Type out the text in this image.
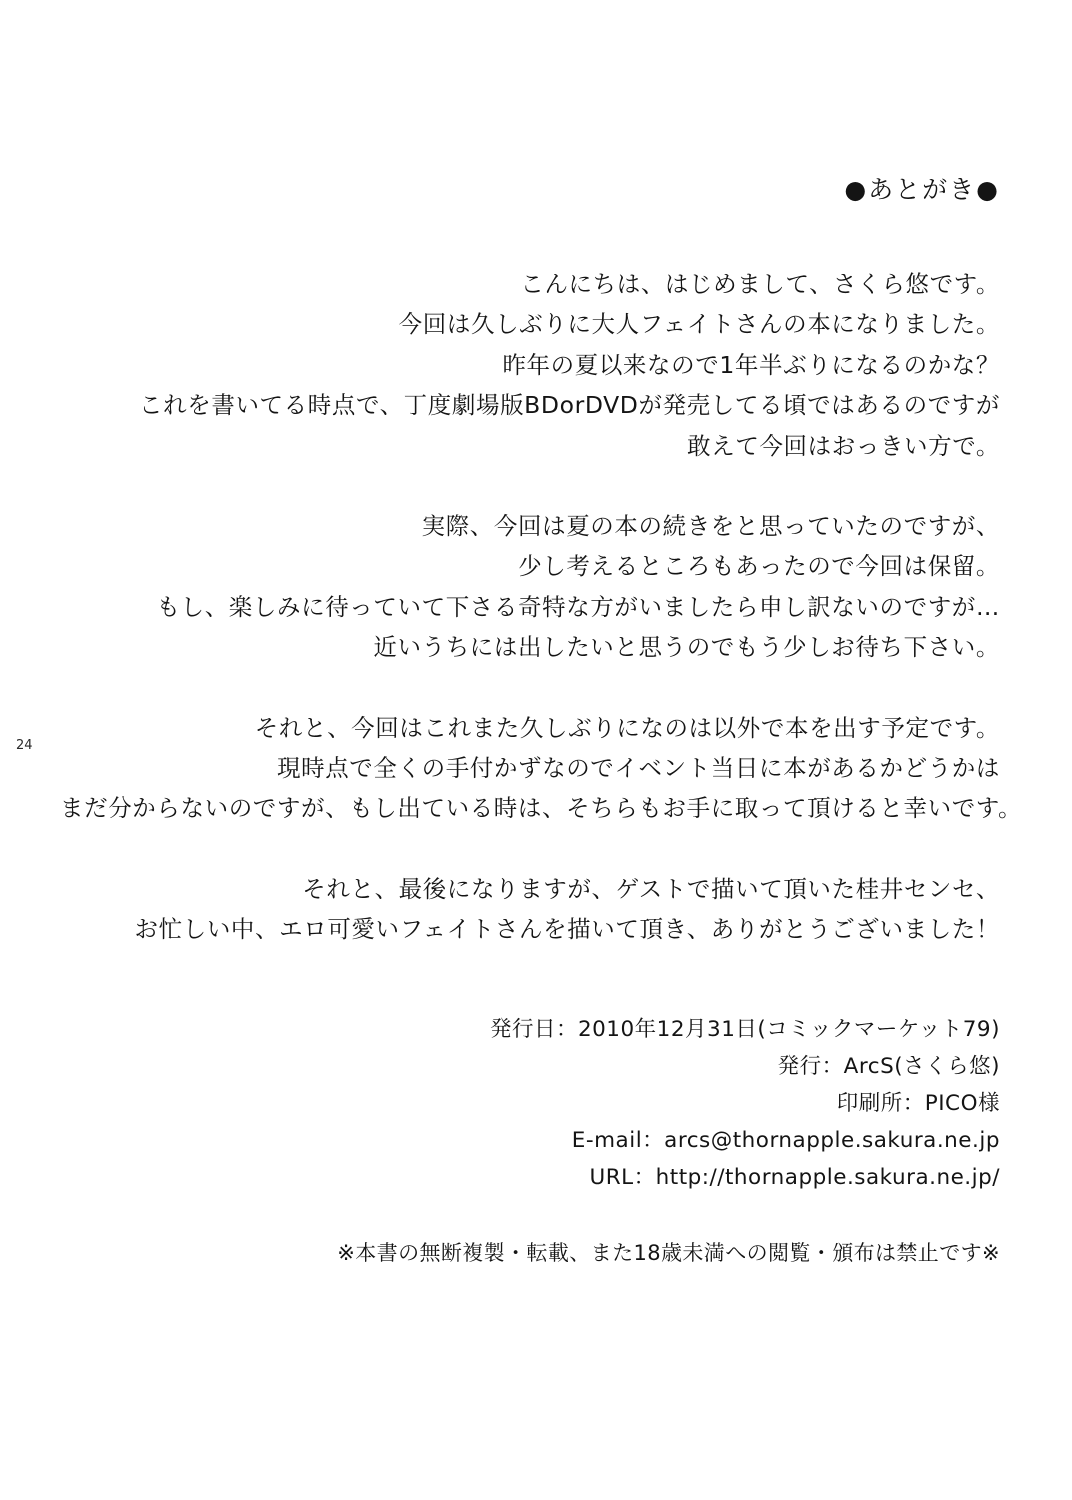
24
●あとがき●
こんにちは、はじめまして、さくら悠です。
今回は久しぶりに大人フェイトさんの本になりました。
昨年の夏以来なので1年半ぶりになるのかな？
これを書いてる時点で、丁度劇場版BDorDVDが発売してる頃ではあるのですが
敢えて今回はおっきい方で。
実際、今回は夏の本の続きをと思っていたのですが、
少し考えるところもあったので今回は保留。
もし、楽しみに待っていて下さる奇特な方がいましたら申し訳ないのですが…
近いうちには出したいと思うのでもう少しお待ち下さい。
それと、今回はこれまた久しぶりになのは以外で本を出す予定です。
現時点で全くの手付かずなのでイベント当日に本があるかどうかは
まだ分からないのですが、もし出ている時は、そちらもお手に取って頂けると幸いです。
それと、最後になりますが、ゲストで描いて頂いた桂井センセ、
お忙しい中、エロ可愛いフェイトさんを描いて頂き、ありがとうございました！
発行日：2010年12月31日(コミックマーケット79)
発行：ArcS(さくら悠)
印刷所：PICO様
E-mail：arcs@thornapple.sakura.ne.jp
URL：http://thornapple.sakura.ne.jp/
※本書の無断複製・転載、また18歳未満への閲覧・頒布は禁止です※
